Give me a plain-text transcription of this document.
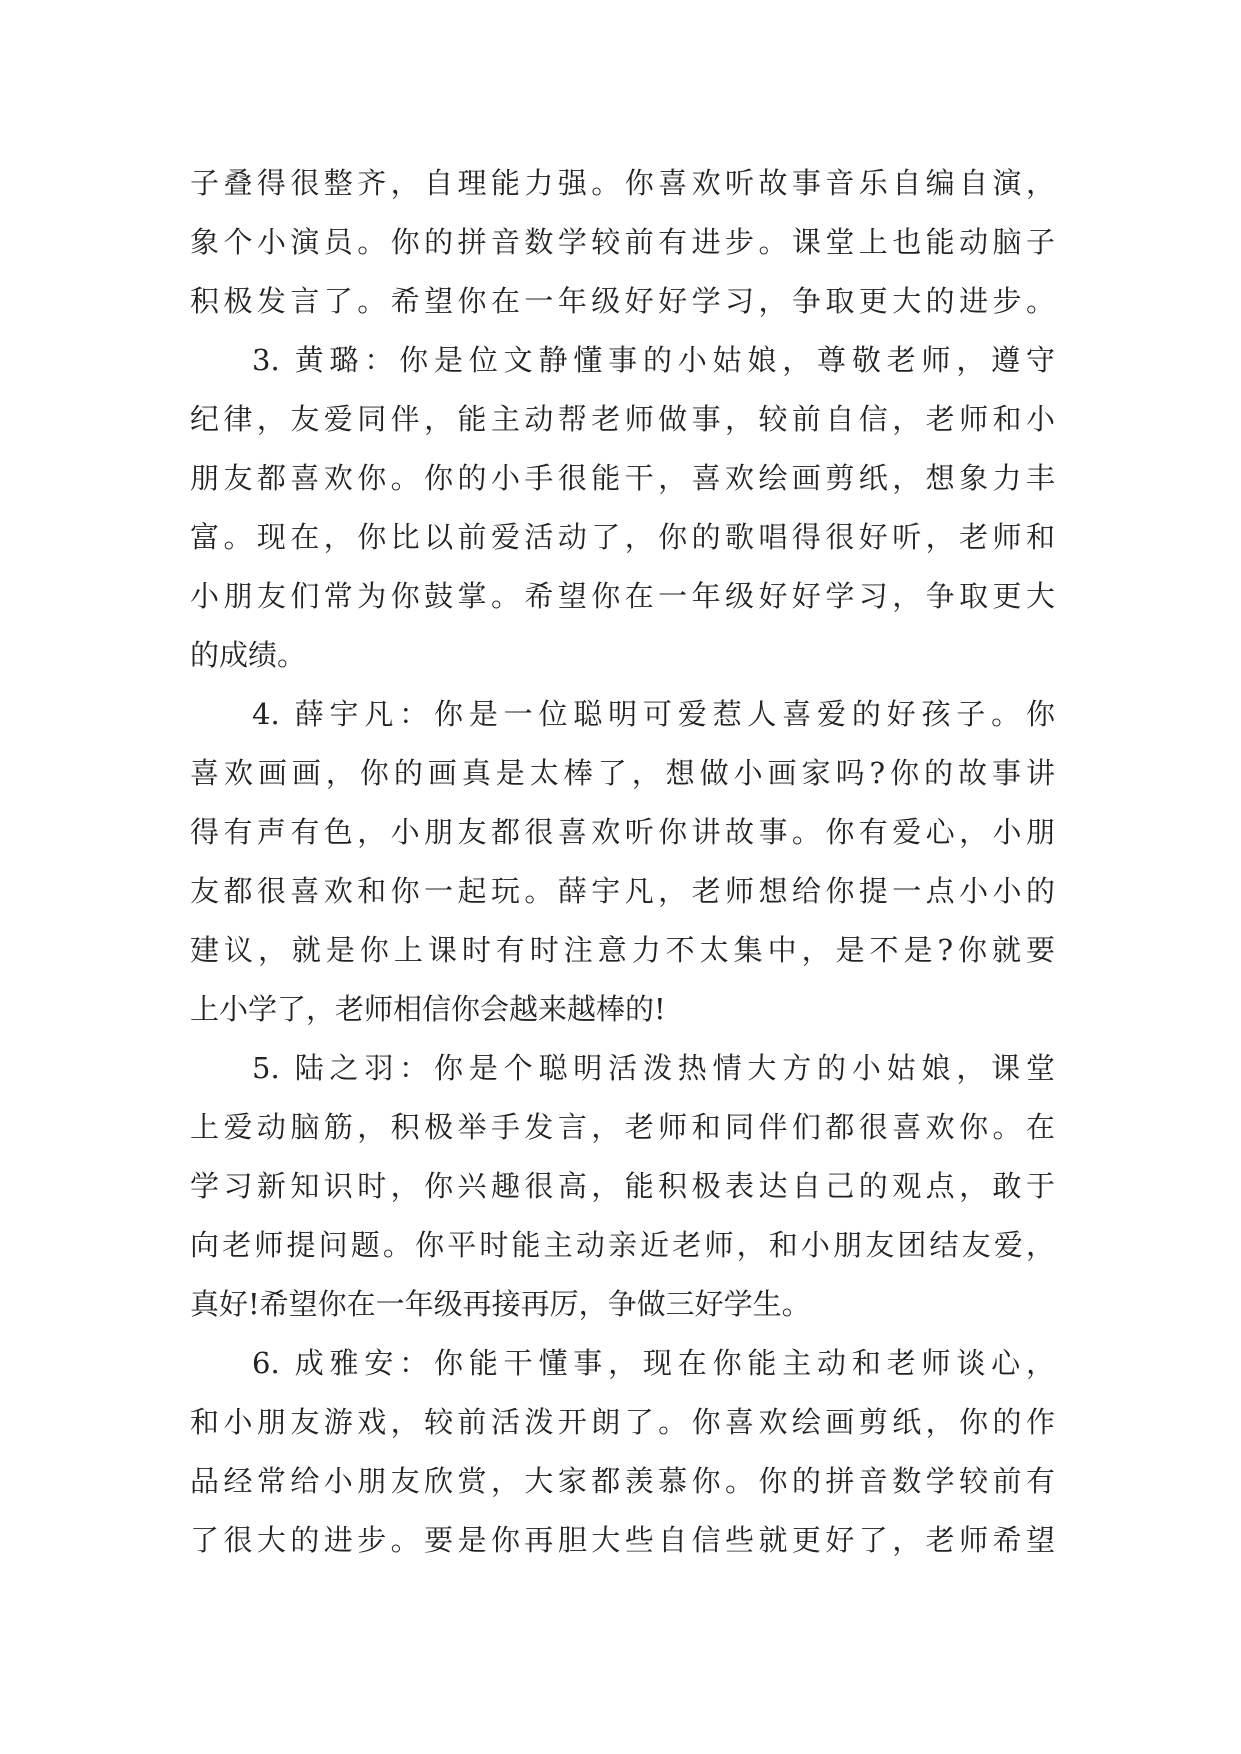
子叠得很整齐，自理能力强。你喜欢听故事音乐自编自演，
象个小演员。你的拼音数学较前有进步。课堂上也能动脑子
积极发言了。希望你在一年级好好学习，争取更大的进步。
3. 黄璐：你是位文静懂事的小姑娘，尊敬老师，遵守
纪律，友爱同伴，能主动帮老师做事，较前自信，老师和小
朋友都喜欢你。你的小手很能干，喜欢绘画剪纸，想象力丰
富。现在，你比以前爱活动了，你的歌唱得很好听，老师和
小朋友们常为你鼓掌。希望你在一年级好好学习，争取更大
的成绩。
4. 薛宇凡：你是一位聪明可爱惹人喜爱的好孩子。你
喜欢画画，你的画真是太棒了，想做小画家吗?你的故事讲
得有声有色，小朋友都很喜欢听你讲故事。你有爱心，小朋
友都很喜欢和你一起玩。薛宇凡，老师想给你提一点小小的
建议，就是你上课时有时注意力不太集中，是不是?你就要
上小学了，老师相信你会越来越棒的!
5. 陆之羽：你是个聪明活泼热情大方的小姑娘，课堂
上爱动脑筋，积极举手发言，老师和同伴们都很喜欢你。在
学习新知识时，你兴趣很高，能积极表达自己的观点，敢于
向老师提问题。你平时能主动亲近老师，和小朋友团结友爱，
真好!希望你在一年级再接再厉，争做三好学生。
6. 成雅安：你能干懂事，现在你能主动和老师谈心，
和小朋友游戏，较前活泼开朗了。你喜欢绘画剪纸，你的作
品经常给小朋友欣赏，大家都羡慕你。你的拼音数学较前有
了很大的进步。要是你再胆大些自信些就更好了，老师希望
